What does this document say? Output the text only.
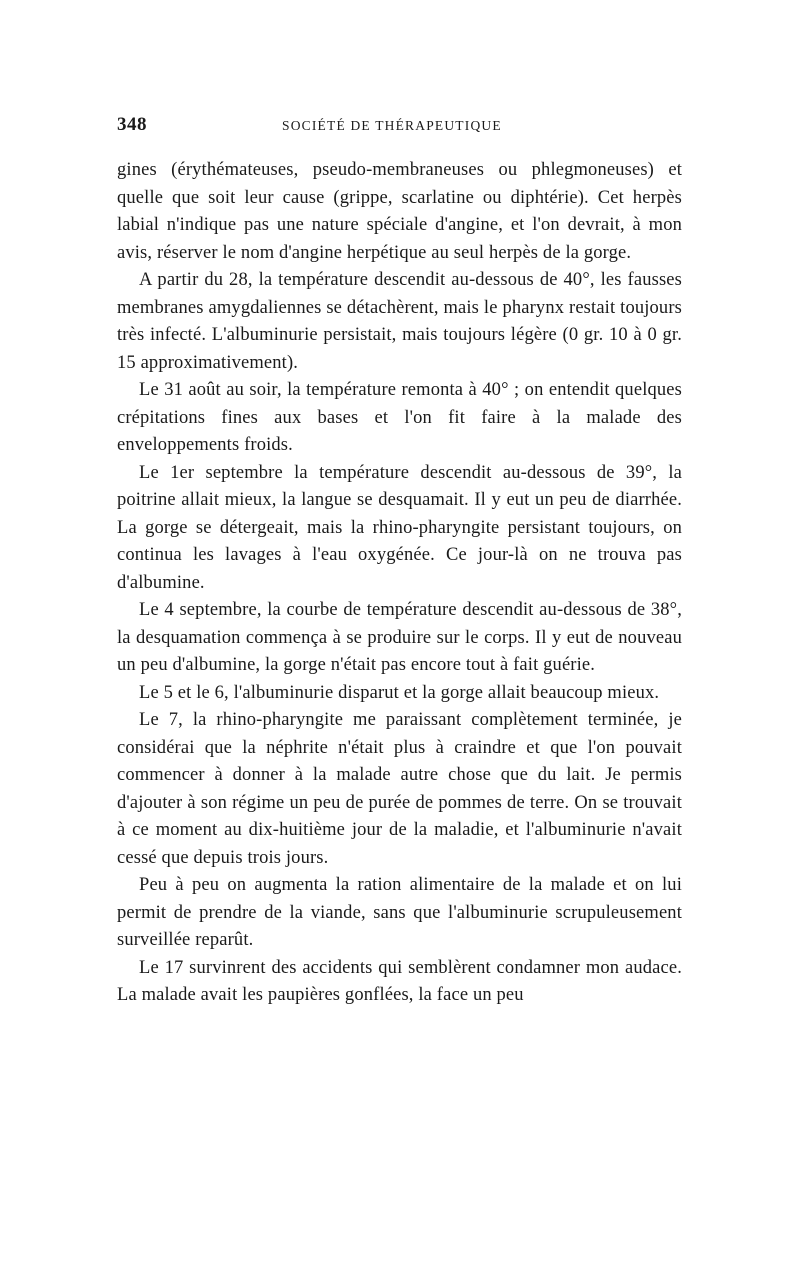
348	SOCIÉTÉ DE THÉRAPEUTIQUE

gines (érythémateuses, pseudo-membraneuses ou phlegmoneuses) et quelle que soit leur cause (grippe, scarlatine ou diphtérie). Cet herpès labial n'indique pas une nature spéciale d'angine, et l'on devrait, à mon avis, réserver le nom d'angine herpétique au seul herpès de la gorge.

A partir du 28, la température descendit au-dessous de 40°, les fausses membranes amygdaliennes se détachèrent, mais le pharynx restait toujours très infecté. L'albuminurie persistait, mais toujours légère (0 gr. 10 à 0 gr. 15 approximativement).

Le 31 août au soir, la température remonta à 40° ; on entendit quelques crépitations fines aux bases et l'on fit faire à la malade des enveloppements froids.

Le 1er septembre la température descendit au-dessous de 39°, la poitrine allait mieux, la langue se desquamait. Il y eut un peu de diarrhée. La gorge se détergeait, mais la rhino-pharyngite persistant toujours, on continua les lavages à l'eau oxygénée. Ce jour-là on ne trouva pas d'albumine.

Le 4 septembre, la courbe de température descendit au-dessous de 38°, la desquamation commença à se produire sur le corps. Il y eut de nouveau un peu d'albumine, la gorge n'était pas encore tout à fait guérie.

Le 5 et le 6, l'albuminurie disparut et la gorge allait beaucoup mieux.

Le 7, la rhino-pharyngite me paraissant complètement terminée, je considérai que la néphrite n'était plus à craindre et que l'on pouvait commencer à donner à la malade autre chose que du lait. Je permis d'ajouter à son régime un peu de purée de pommes de terre. On se trouvait à ce moment au dix-huitième jour de la maladie, et l'albuminurie n'avait cessé que depuis trois jours.

Peu à peu on augmenta la ration alimentaire de la malade et on lui permit de prendre de la viande, sans que l'albuminurie scrupuleusement surveillée reparût.

Le 17 survinrent des accidents qui semblèrent condamner mon audace. La malade avait les paupières gonflées, la face un peu
